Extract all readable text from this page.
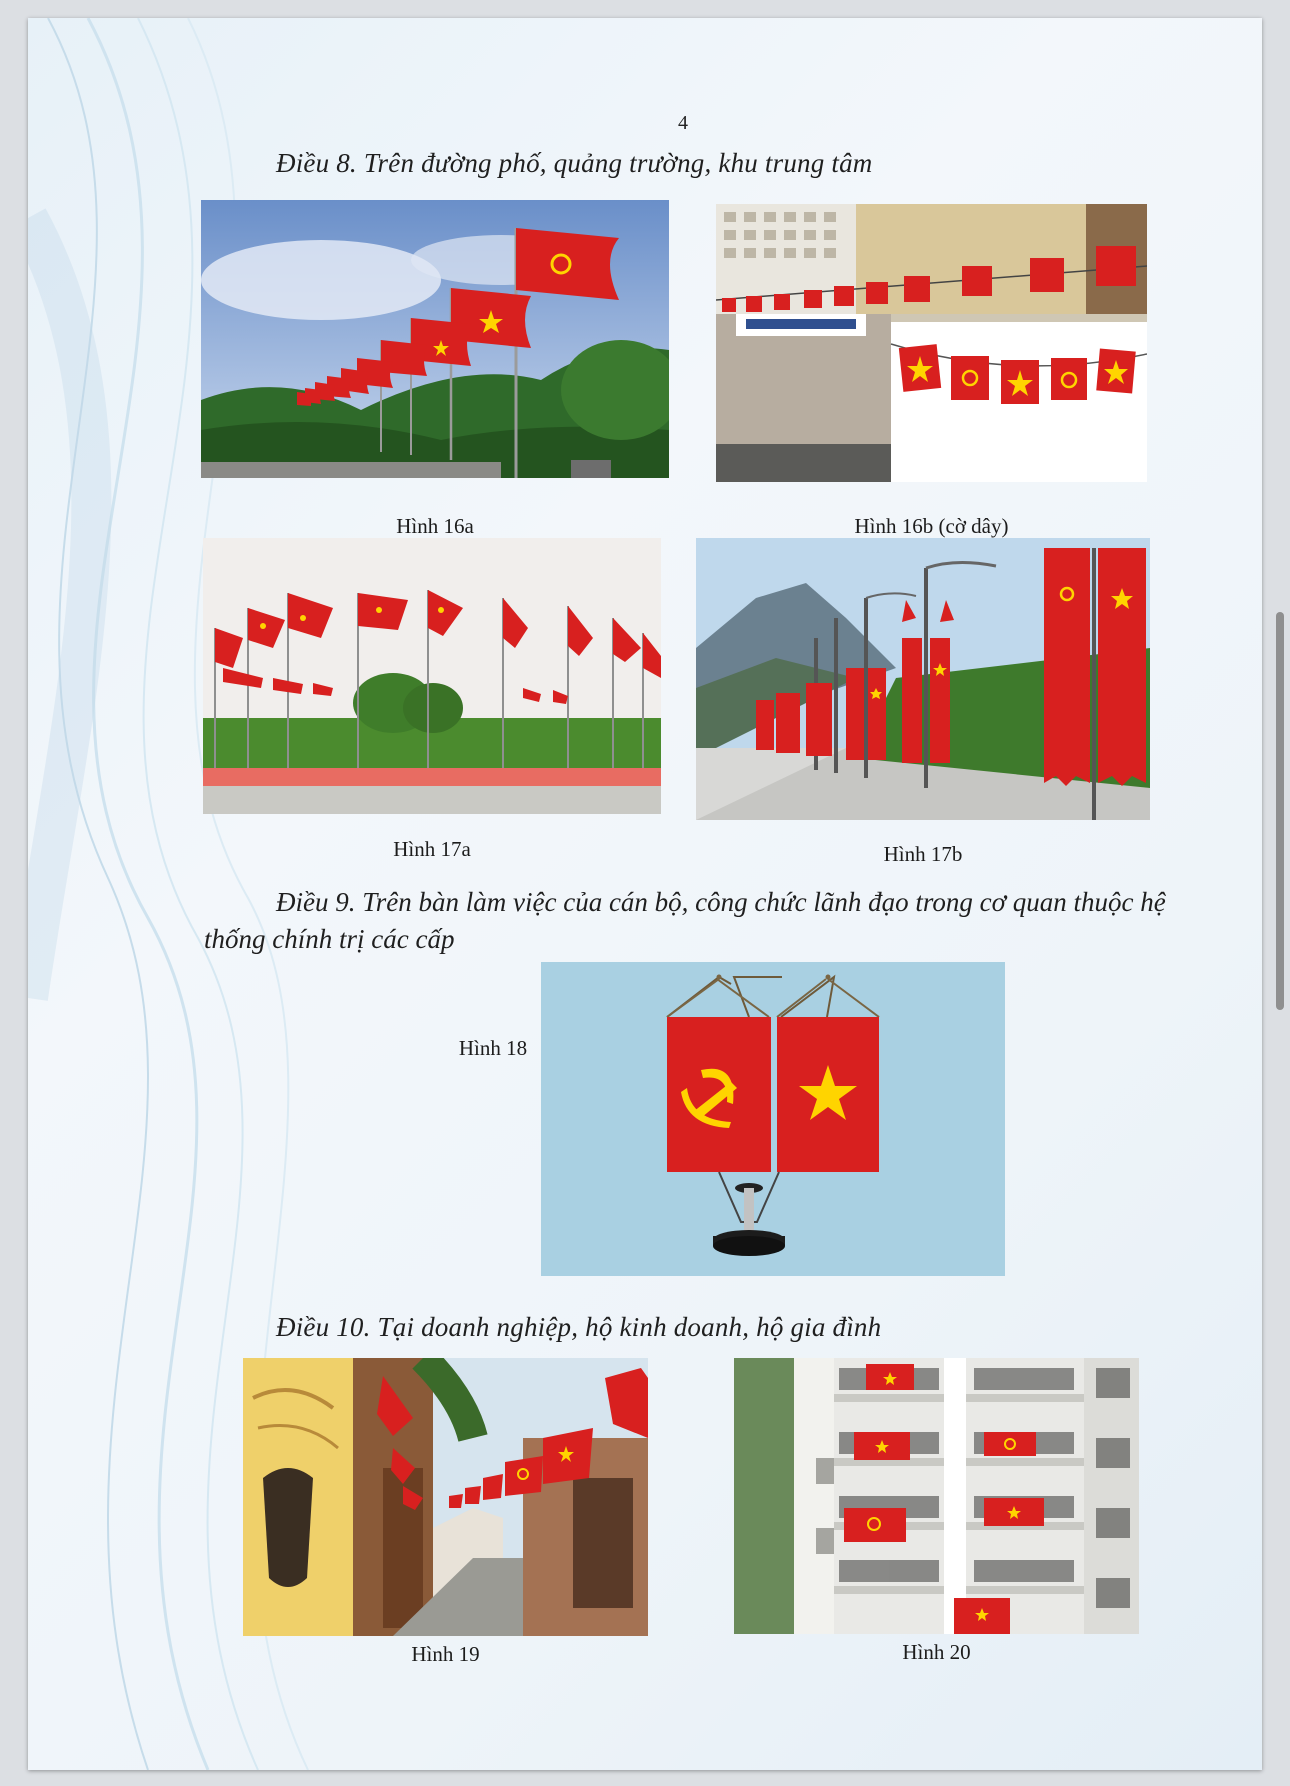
4
Điều 8. Trên đường phố, quảng trường, khu trung tâm
Hình 16a	Hình 16b (cờ dây)
Hình 17a	Hình 17b
Điều 9. Trên bàn làm việc của cán bộ, công chức lãnh đạo trong cơ quan thuộc hệ thống chính trị các cấp
Hình 18
Điều 10. Tại doanh nghiệp, hộ kinh doanh, hộ gia đình
Hình 19	Hình 20
